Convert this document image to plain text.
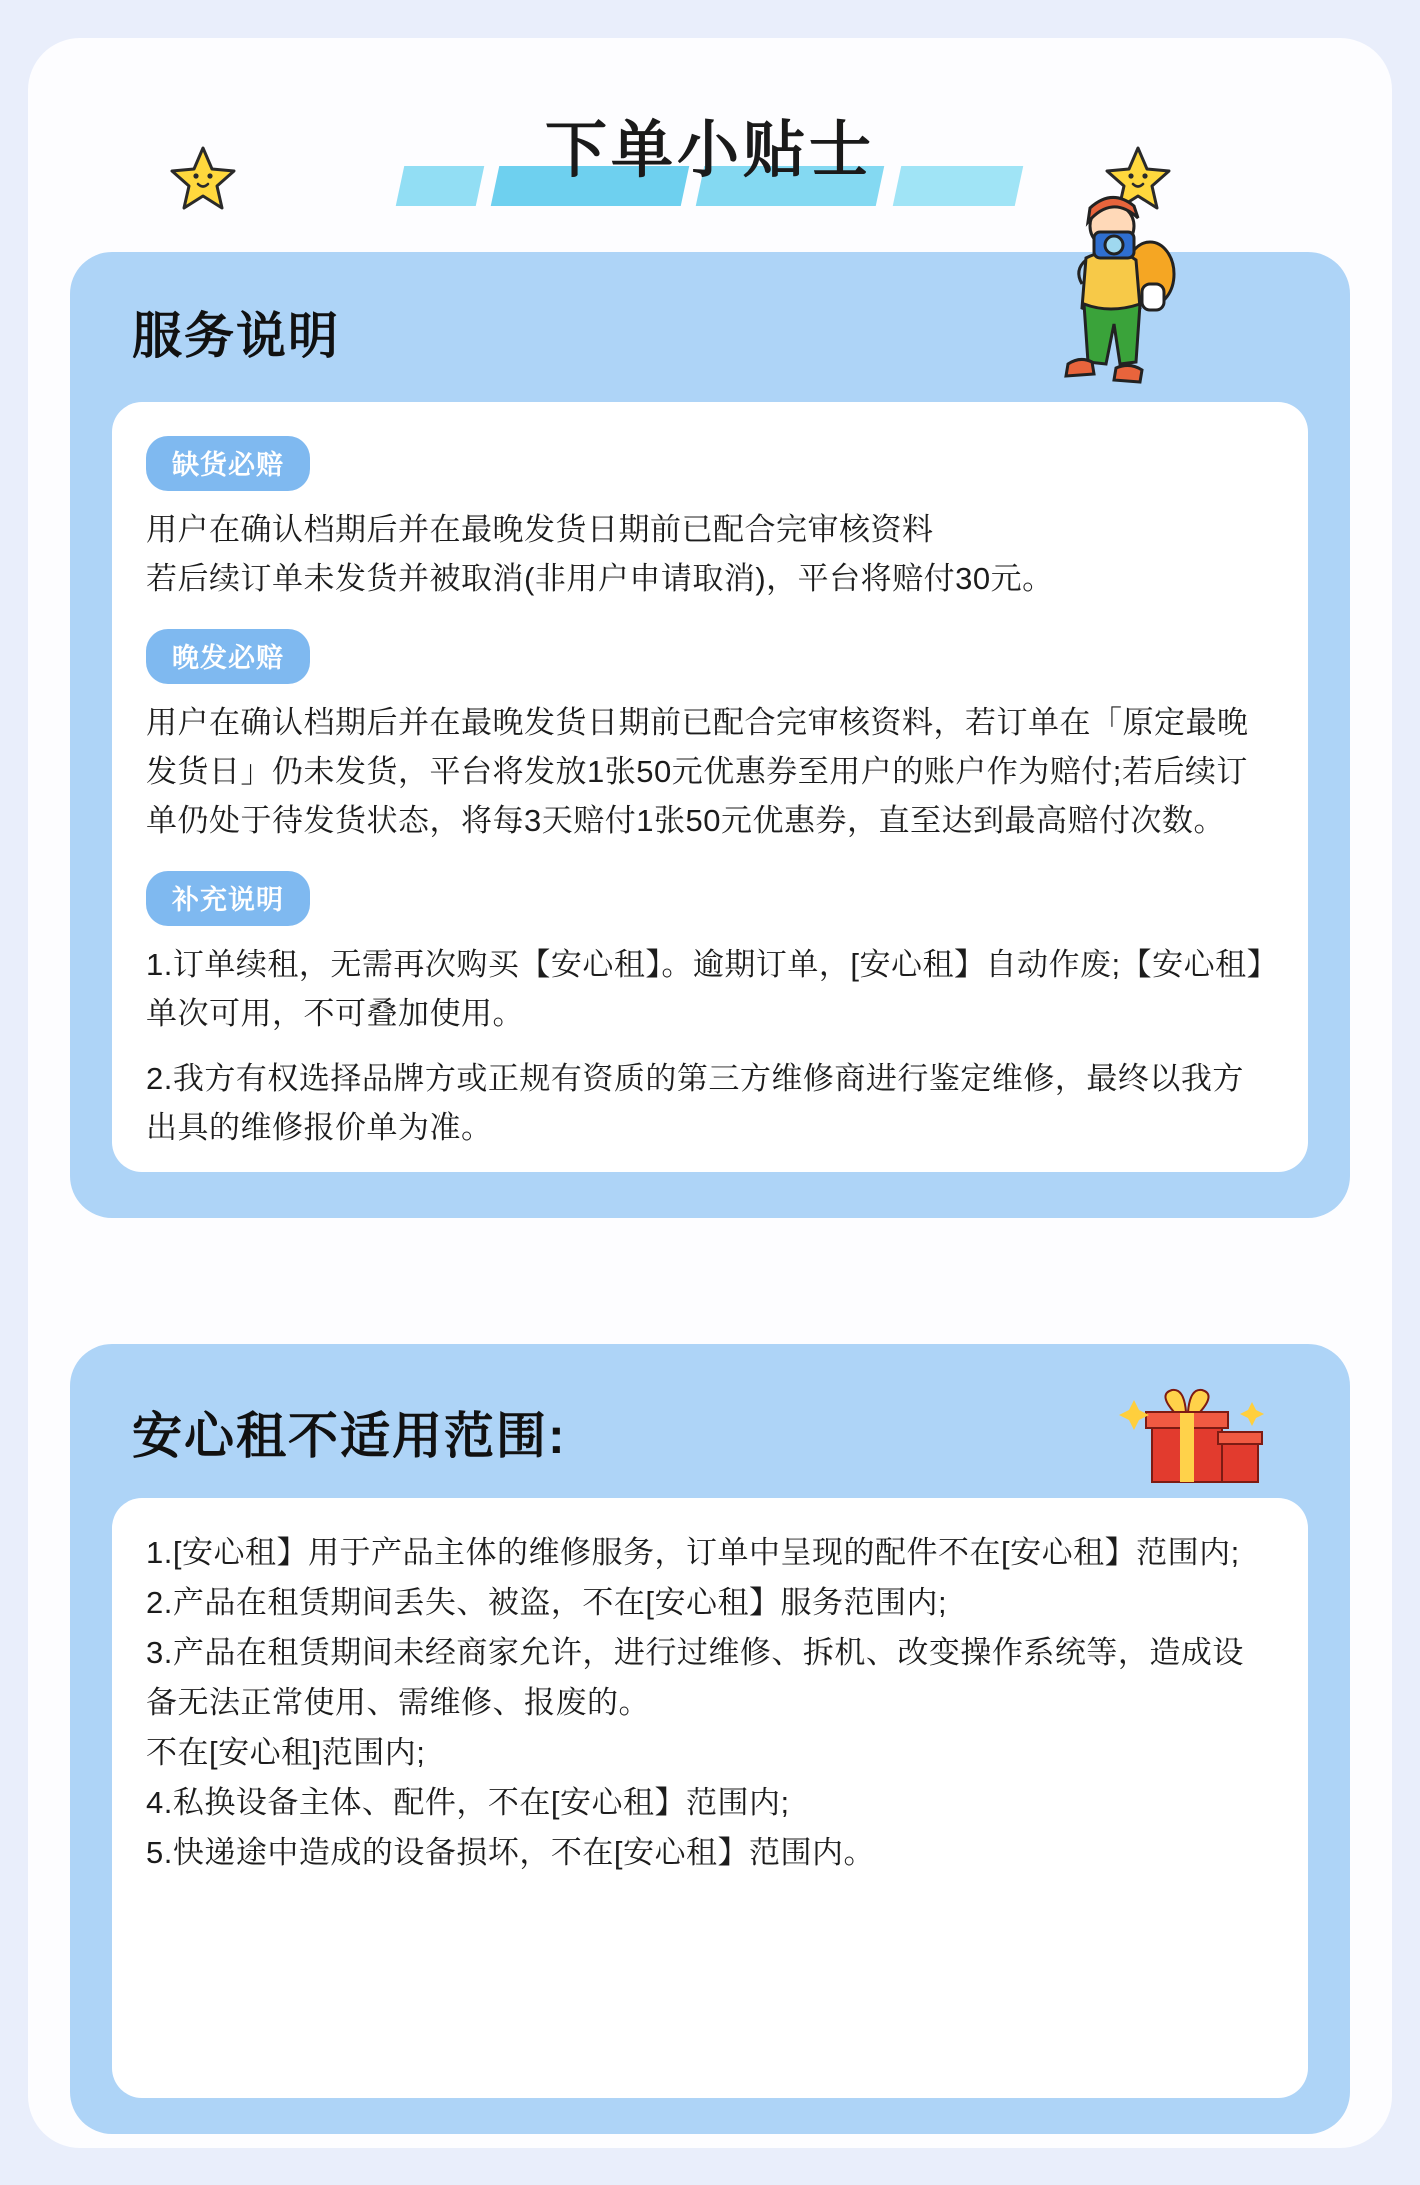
下单小贴士
服务说明
缺货必赔
用户在确认档期后并在最晚发货日期前已配合完审核资料
若后续订单未发货并被取消(非用户申请取消)，平台将赔付30元。
晚发必赔
用户在确认档期后并在最晚发货日期前已配合完审核资料，若订单在「原定最晚发货日」仍未发货，平台将发放1张50元优惠券至用户的账户作为赔付;若后续订单仍处于待发货状态，将每3天赔付1张50元优惠券，直至达到最高赔付次数。
补充说明
1.订单续租，无需再次购买【安心租】。逾期订单，[安心租】自动作废;【安心租】单次可用，不可叠加使用。
2.我方有权选择品牌方或正规有资质的第三方维修商进行鉴定维修，最终以我方出具的维修报价单为准。
安心租不适用范围:
1.[安心租】用于产品主体的维修服务，订单中呈现的配件不在[安心租】范围内;
2.产品在租赁期间丢失、被盗，不在[安心租】服务范围内;
3.产品在租赁期间未经商家允许，进行过维修、拆机、改变操作系统等，造成设备无法正常使用、需维修、报废的。
不在[安心租]范围内;
4.私换设备主体、配件，不在[安心租】范围内;
5.快递途中造成的设备损坏，不在[安心租】范围内。
